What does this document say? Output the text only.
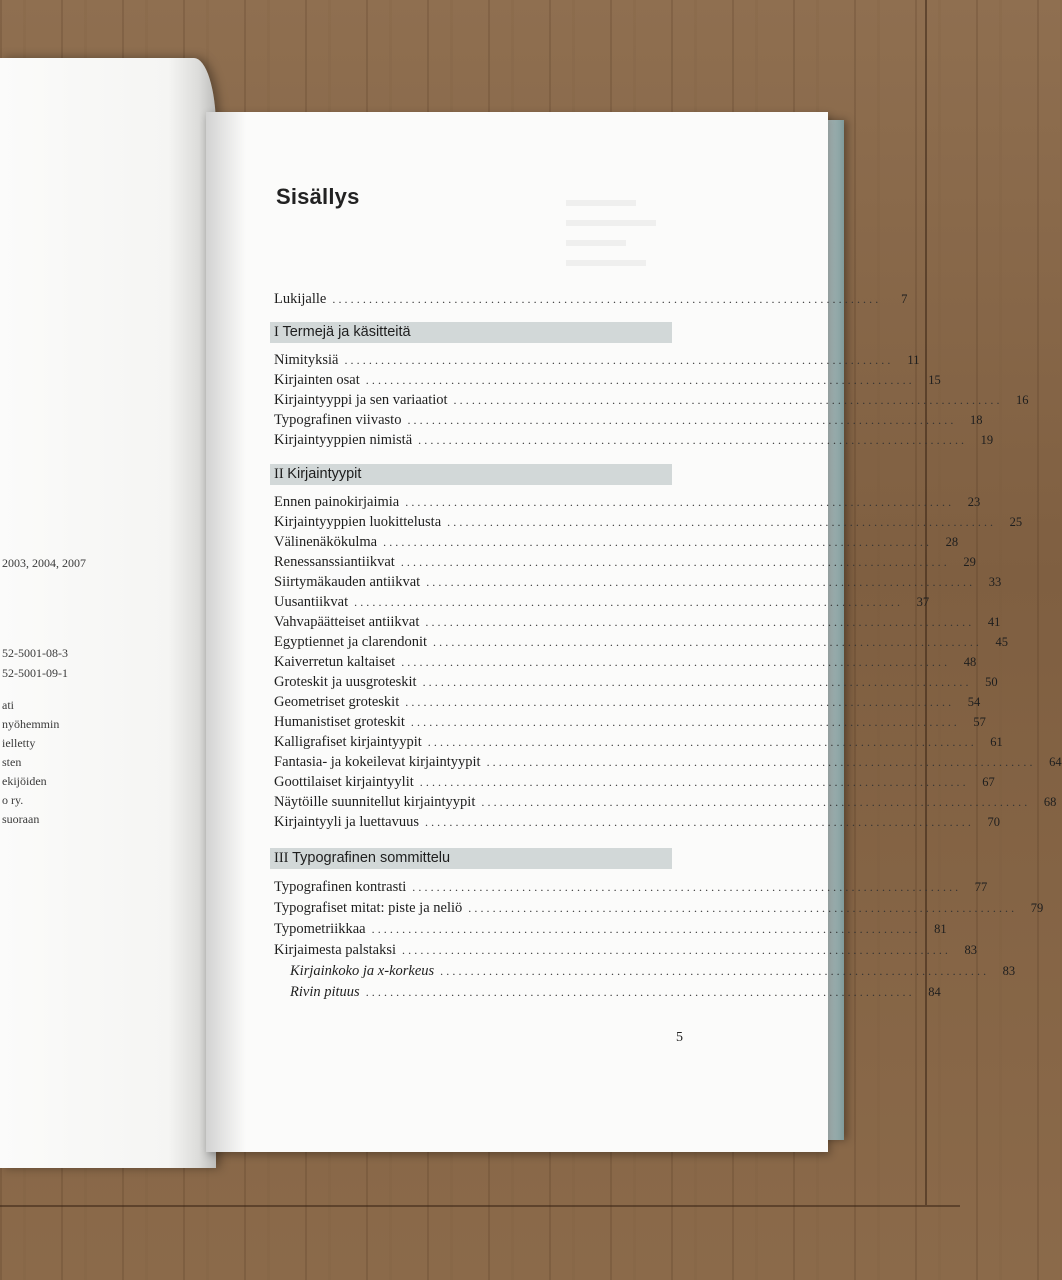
2003, 2004, 2007
52-5001-08-3
52-5001-09-1
ati
nyöhemmin
ielletty
sten
ekijöiden
o ry.
suoraan
Sisällys
Lukijalle ..........................................................................................	7
I Termejä ja käsitteitä
Nimityksiä ..........................................................................................	11
Kirjainten osat ..........................................................................................	15
Kirjaintyyppi ja sen variaatiot ..........................................................................................	16
Typografinen viivasto ..........................................................................................	18
Kirjaintyyppien nimistä ..........................................................................................	19
II Kirjaintyypit
Ennen painokirjaimia ..........................................................................................	23
Kirjaintyyppien luokittelusta ..........................................................................................	25
Välinenäkökulma ..........................................................................................	28
Renessanssiantiikvat ..........................................................................................	29
Siirtymäkauden antiikvat ..........................................................................................	33
Uusantiikvat ..........................................................................................	37
Vahvapäätteiset antiikvat ..........................................................................................	41
Egyptiennet ja clarendonit ..........................................................................................	45
Kaiverretun kaltaiset ..........................................................................................	48
Groteskit ja uusgroteskit ..........................................................................................	50
Geometriset groteskit ..........................................................................................	54
Humanistiset groteskit ..........................................................................................	57
Kalligrafiset kirjaintyypit ..........................................................................................	61
Fantasia- ja kokeilevat kirjaintyypit ..........................................................................................	64
Goottilaiset kirjaintyylit ..........................................................................................	67
Näytöille suunnitellut kirjaintyypit ..........................................................................................	68
Kirjaintyyli ja luettavuus ..........................................................................................	70
III Typografinen sommittelu
Typografinen kontrasti ..........................................................................................	77
Typografiset mitat: piste ja neliö ..........................................................................................	79
Typometriikkaa ..........................................................................................	81
Kirjaimesta palstaksi ..........................................................................................	83
Kirjainkoko ja x-korkeus ..........................................................................................	83
Rivin pituus ..........................................................................................	84
5
